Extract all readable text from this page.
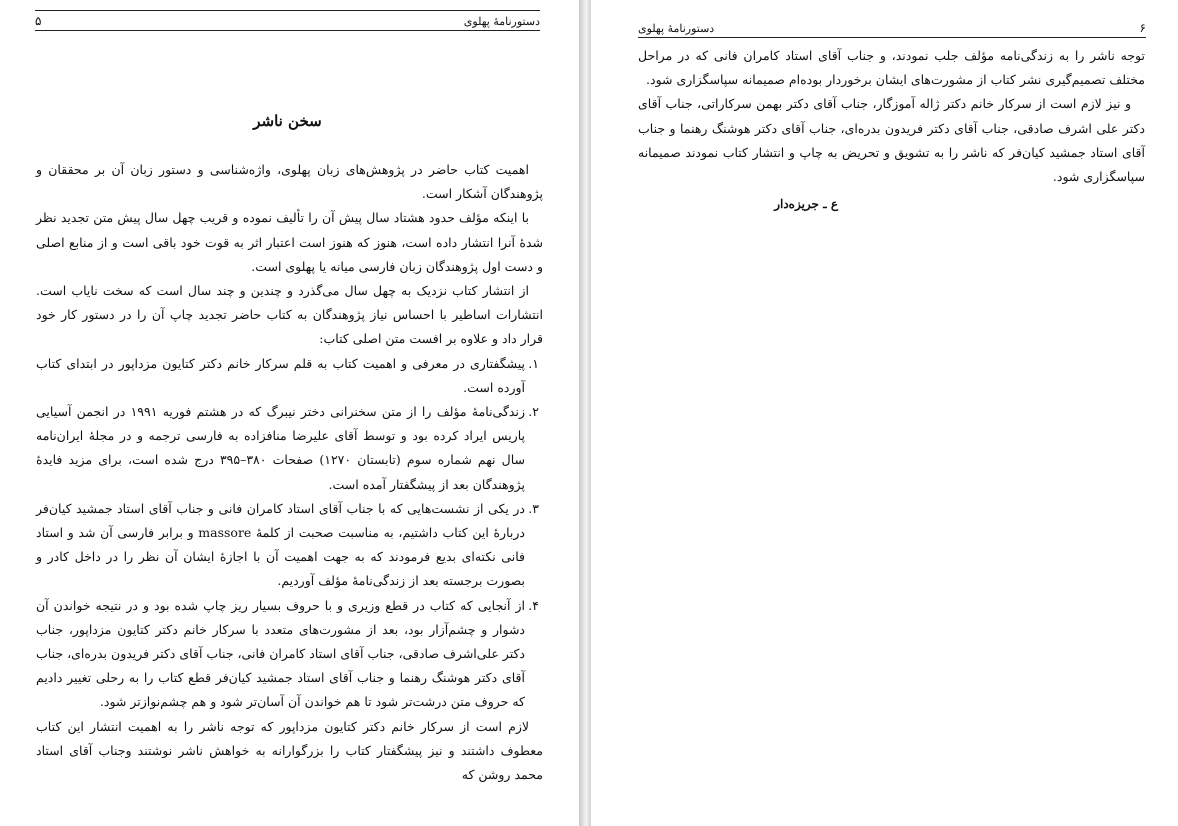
۵	دستورنامهٔ پهلوی
سخن ناشر

اهمیت کتاب حاضر در پژوهش‌های زبان پهلوی، واژه‌شناسی و دستور زبان آن بر محققان و پژوهندگان آشکار است.

با اینکه مؤلف حدود هشتاد سال پیش آن را تألیف نموده و قریب چهل سال پیش متن تجدید نظر شدهٔ آنرا انتشار داده است، هنوز که هنوز است اعتبار اثر به قوت خود باقی است و از منابع اصلی و دست اول پژوهندگان زبان فارسی میانه یا پهلوی است.

از انتشار کتاب نزدیک به چهل سال می‌گذرد و چندین و چند سال است که سخت نایاب است. انتشارات اساطیر با احساس نیاز پژوهندگان به کتاب حاضر تجدید چاپ آن را در دستور کار خود قرار داد و علاوه بر افست متن اصلی کتاب:

۱.
پیشگفتاری در معرفی و اهمیت کتاب به قلم سرکار خانم دکتر کتایون مزداپور در ابتدای کتاب آورده است.
۲.
زندگی‌نامهٔ مؤلف را از متن سخنرانی دختر نیبرگ که در هشتم فوریه ۱۹۹۱ در انجمن آسیایی پاریس ایراد کرده بود و توسط آقای علیرضا منافزاده به فارسی ترجمه و در مجلهٔ ایران‌نامه سال نهم شماره سوم (تابستان ۱۲۷۰) صفحات ۳۸۰–۳۹۵ درج شده است، برای مزید فایدهٔ پژوهندگان بعد از پیشگفتار آمده است.
۳.
در یکی از نشست‌هایی که با جناب آقای استاد کامران فانی و جناب آقای استاد جمشید کیان‌فر دربارهٔ این کتاب داشتیم، به مناسبت صحبت از کلمهٔ massore و برابر فارسی آن شد و استاد فانی نکته‌ای بدیع فرمودند که به جهت اهمیت آن با اجازهٔ ایشان آن نظر را در داخل کادر و بصورت برجسته بعد از زندگی‌نامهٔ مؤلف آوردیم.
۴.
از آنجایی که کتاب در قطع وزیری و با حروف بسیار ریز چاپ شده بود و در نتیجه خواندن آن دشوار و چشم‌آزار بود، بعد از مشورت‌های متعدد با سرکار خانم دکتر کتایون مزداپور، جناب دکتر علی‌اشرف صادقی، جناب آقای استاد کامران فانی، جناب آقای دکتر فریدون بدره‌ای، جناب آقای دکتر هوشنگ رهنما و جناب آقای استاد جمشید کیان‌فر قطع کتاب را به رحلی تغییر دادیم که حروف متن درشت‌تر شود تا هم خواندن آن آسان‌تر شود و هم چشم‌نوازتر شود.

لازم است از سرکار خانم دکتر کتایون مزداپور که توجه ناشر را به اهمیت انتشار این کتاب معطوف داشتند و نیز پیشگفتار کتاب را بزرگوارانه به خواهش ناشر نوشتند وجناب آقای استاد محمد روشن که

دستورنامهٔ پهلوی	۶

توجه ناشر را به زندگی‌نامه مؤلف جلب نمودند، و جناب آقای استاد کامران فانی که در مراحل مختلف تصمیم‌گیری نشر کتاب از مشورت‌های ایشان برخوردار بوده‌ام صمیمانه سپاسگزاری شود.

و نیز لازم است از سرکار خانم دکتر ژاله آموزگار، جناب آقای دکتر بهمن سرکاراتی، جناب آقای دکتر علی اشرف صادقی، جناب آقای دکتر فریدون بدره‌ای، جناب آقای دکتر هوشنگ رهنما و جناب آقای استاد جمشید کیان‌فر که ناشر را به تشویق و تحریض به چاپ و انتشار کتاب نمودند صمیمانه سپاسگزاری شود.

ع ـ جریزه‌دار
